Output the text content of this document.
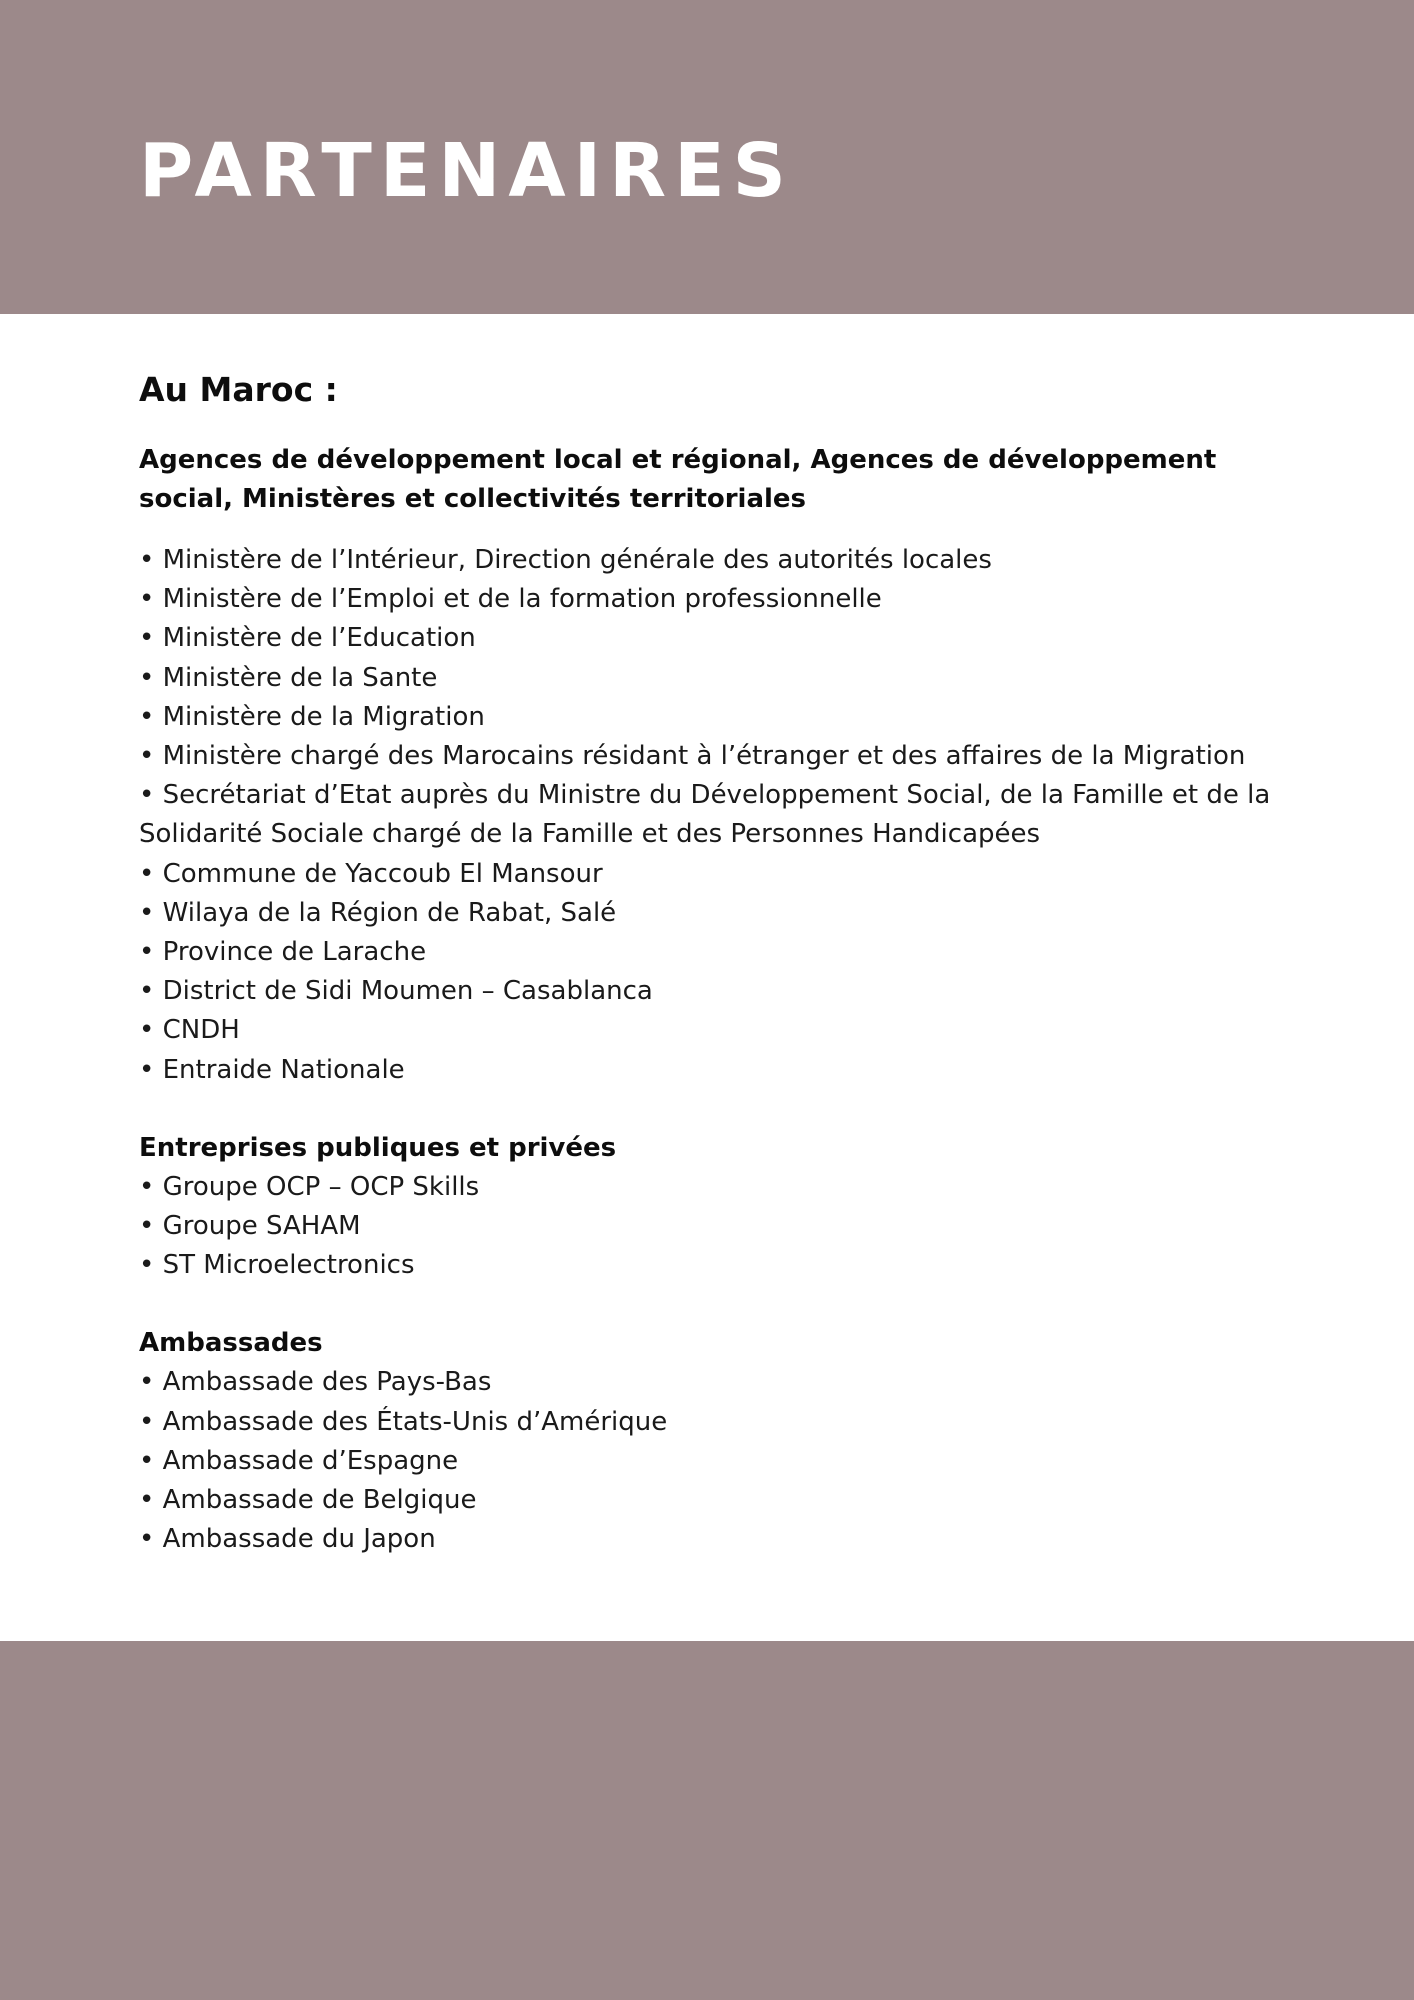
PARTENAIRES
Au Maroc :
Agences de développement local et régional, Agences de développement social, Ministères et collectivités territoriales
• Ministère de l’Intérieur, Direction générale des autorités locales
• Ministère de l’Emploi et de la formation professionnelle
• Ministère de l’Education
• Ministère de la Sante
• Ministère de la Migration
• Ministère chargé des Marocains résidant à l’étranger et des affaires de la Migration
• Secrétariat d’Etat auprès du Ministre du Développement Social, de la Famille et de la Solidarité Sociale chargé de la Famille et des Personnes Handicapées
• Commune de Yaccoub El Mansour
• Wilaya de la Région de Rabat, Salé
• Province de Larache
• District de Sidi Moumen – Casablanca
• CNDH
• Entraide Nationale
Entreprises publiques et privées
• Groupe OCP – OCP Skills
• Groupe SAHAM
• ST Microelectronics
Ambassades
• Ambassade des Pays-Bas
• Ambassade des États-Unis d’Amérique
• Ambassade d’Espagne
• Ambassade de Belgique
• Ambassade du Japon
